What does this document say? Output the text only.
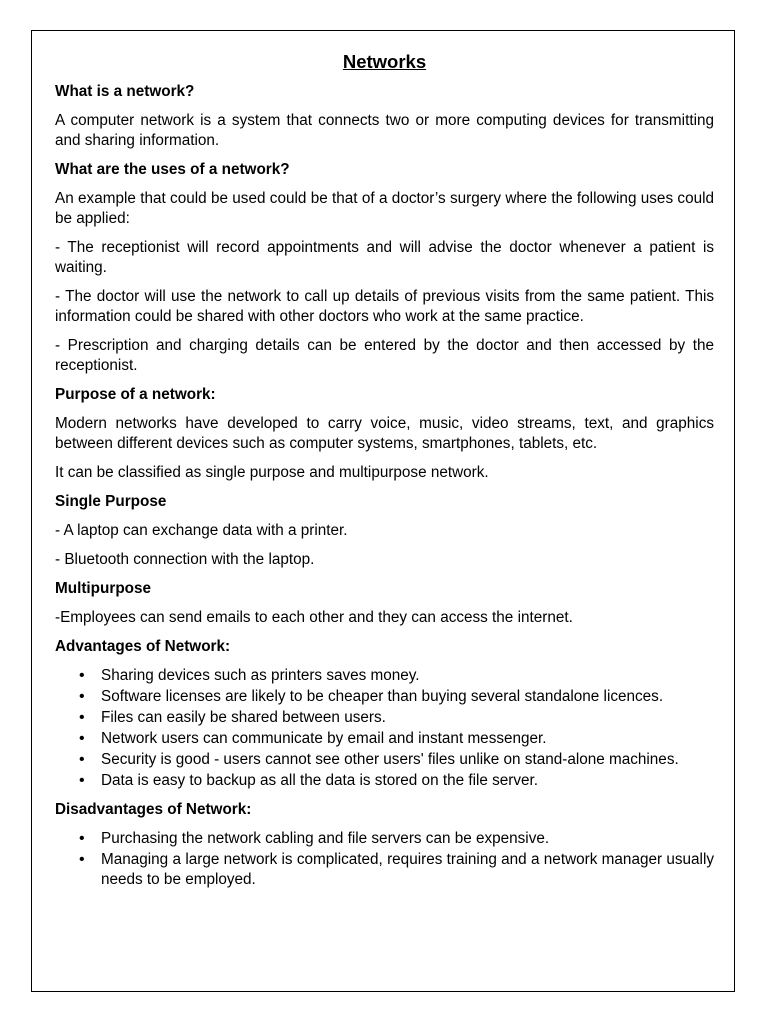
Networks
What is a network?

A computer network is a system that connects two or more computing devices for transmitting and sharing information.

What are the uses of a network?

An example that could be used could be that of a doctor’s surgery where the following uses could be applied:

- The receptionist will record appointments and will advise the doctor whenever a patient is waiting.

- The doctor will use the network to call up details of previous visits from the same patient. This information could be shared with other doctors who work at the same practice.

- Prescription and charging details can be entered by the doctor and then accessed by the receptionist.

Purpose of a network:

Modern networks have developed to carry voice, music, video streams, text, and graphics between different devices such as computer systems, smartphones, tablets, etc.

It can be classified as single purpose and multipurpose network.

Single Purpose

- A laptop can exchange data with a printer.

- Bluetooth connection with the laptop.

Multipurpose

-Employees can send emails to each other and they can access the internet.

Advantages of Network:
• Sharing devices such as printers saves money.
• Software licenses are likely to be cheaper than buying several standalone licences.
• Files can easily be shared between users.
• Network users can communicate by email and instant messenger.
• Security is good - users cannot see other users' files unlike on stand-alone machines.
• Data is easy to backup as all the data is stored on the file server.
Disadvantages of Network:
• Purchasing the network cabling and file servers can be expensive.
• Managing a large network is complicated, requires training and a network manager usually needs to be employed.
